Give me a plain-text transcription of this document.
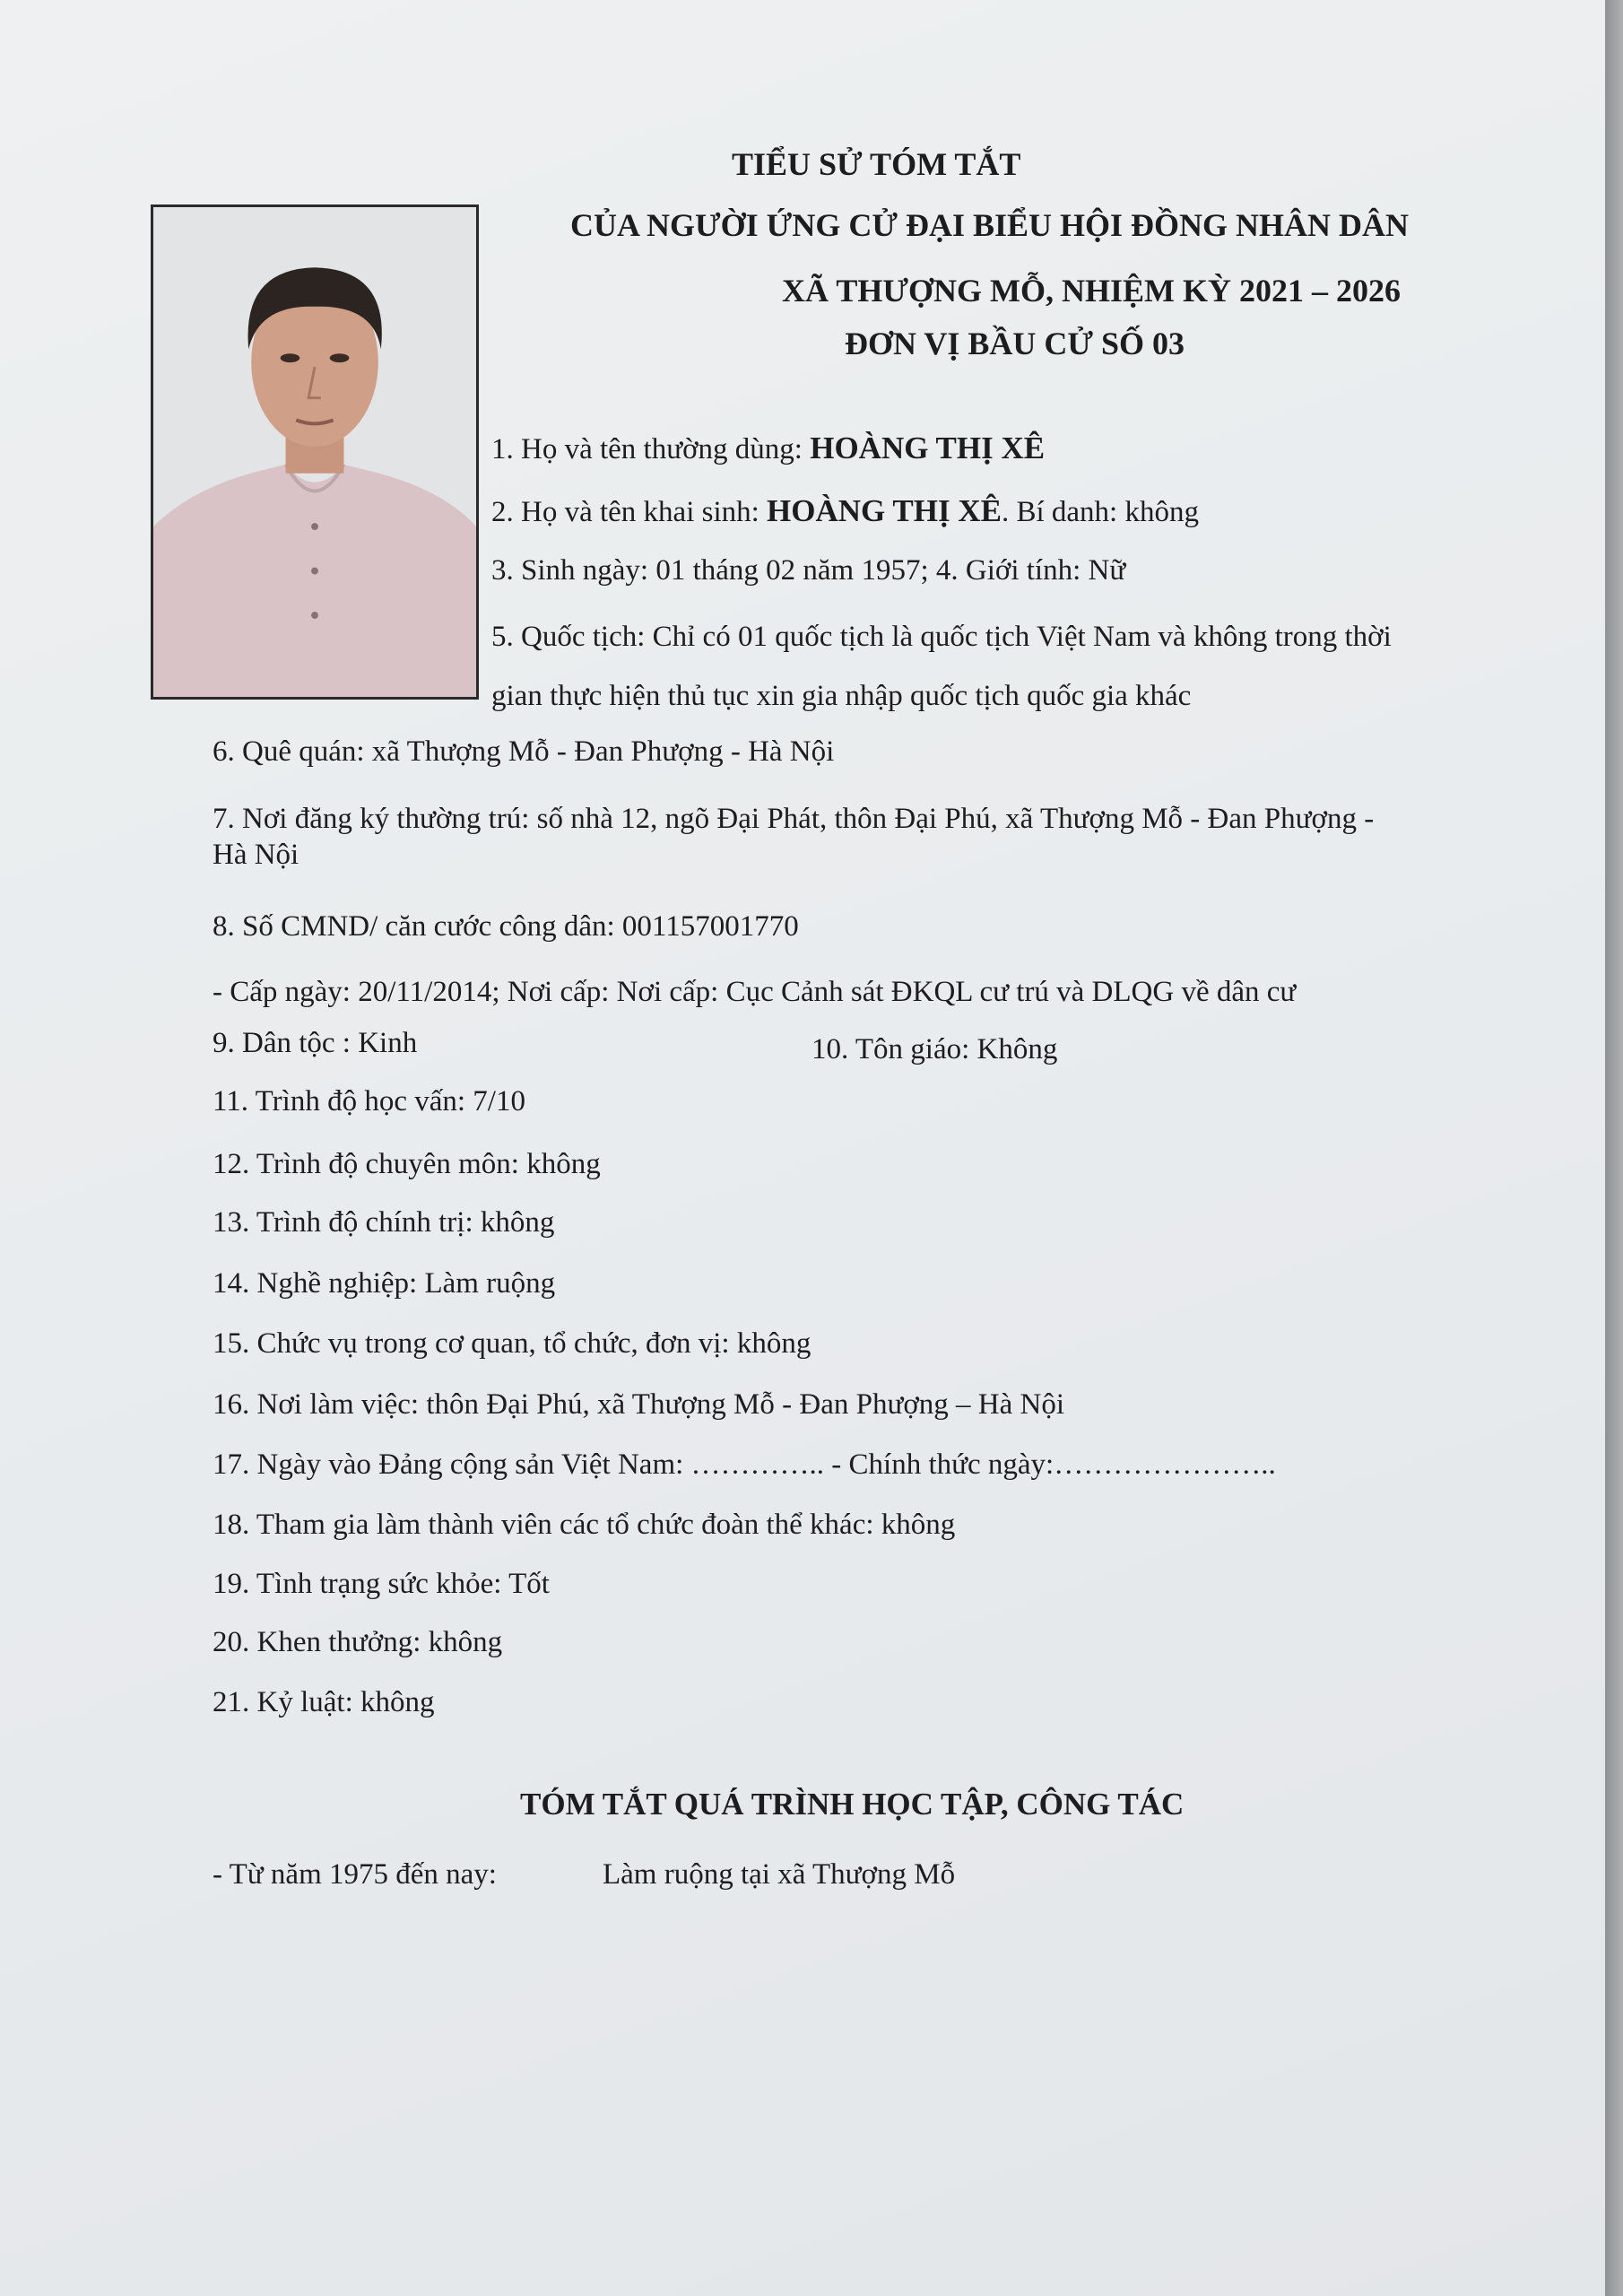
TIỂU SỬ TÓM TẮT
CỦA NGƯỜI ỨNG CỬ ĐẠI BIỂU HỘI ĐỒNG NHÂN DÂN
XÃ THƯỢNG MỖ, NHIỆM KỲ 2021 – 2026
ĐƠN VỊ BẦU CỬ SỐ 03
1. Họ và tên thường dùng: HOÀNG THỊ XÊ
2. Họ và tên khai sinh: HOÀNG THỊ XÊ. Bí danh: không
3. Sinh ngày: 01 tháng 02 năm 1957; 4. Giới tính: Nữ
5. Quốc tịch: Chỉ có 01 quốc tịch là quốc tịch Việt Nam và không trong thời
gian thực hiện thủ tục xin gia nhập quốc tịch quốc gia khác
6. Quê quán: xã Thượng Mỗ - Đan Phượng - Hà Nội
7. Nơi đăng ký thường trú: số nhà 12, ngõ Đại Phát, thôn Đại Phú, xã Thượng Mỗ - Đan Phượng -
Hà Nội
8. Số CMND/ căn cước công dân: 001157001770
- Cấp ngày: 20/11/2014; Nơi cấp: Nơi cấp: Cục Cảnh sát ĐKQL cư trú và DLQG về dân cư
9. Dân tộc : Kinh	10. Tôn giáo: Không
11. Trình độ học vấn: 7/10
12. Trình độ chuyên môn: không
13. Trình độ chính trị: không
14. Nghề nghiệp: Làm ruộng
15. Chức vụ trong cơ quan, tổ chức, đơn vị: không
16. Nơi làm việc: thôn Đại Phú, xã Thượng Mỗ - Đan Phượng – Hà Nội
17. Ngày vào Đảng cộng sản Việt Nam: ………….. - Chính thức ngày:…………………..
18. Tham gia làm thành viên các tổ chức đoàn thể khác: không
19. Tình trạng sức khỏe: Tốt
20. Khen thưởng: không
21. Kỷ luật: không
TÓM TẮT QUÁ TRÌNH HỌC TẬP, CÔNG TÁC
- Từ năm 1975 đến nay:	Làm ruộng tại xã Thượng Mỗ
